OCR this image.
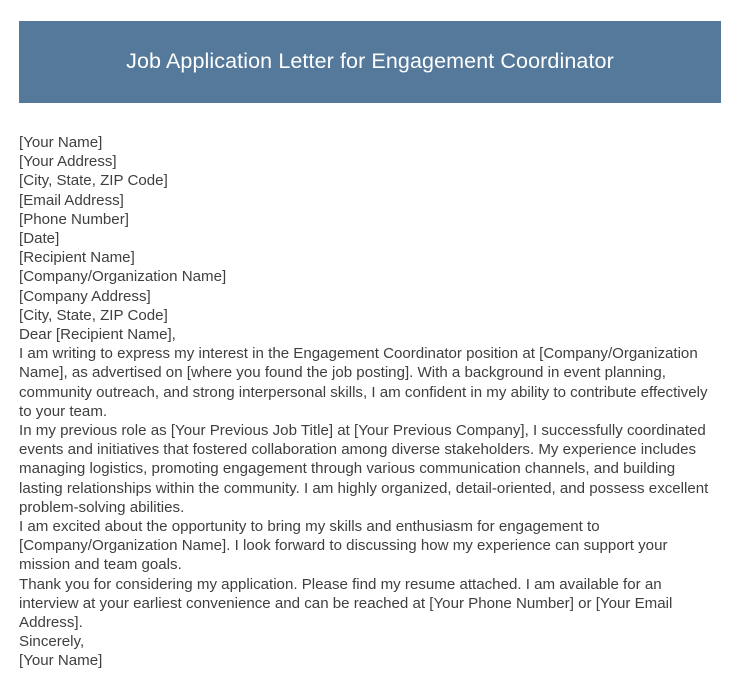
Job Application Letter for Engagement Coordinator
[Your Name]
[Your Address]
[City, State, ZIP Code]
[Email Address]
[Phone Number]
[Date]
[Recipient Name]
[Company/Organization Name]
[Company Address]
[City, State, ZIP Code]
Dear [Recipient Name],
I am writing to express my interest in the Engagement Coordinator position at [Company/Organization Name], as advertised on [where you found the job posting]. With a background in event planning, community outreach, and strong interpersonal skills, I am confident in my ability to contribute effectively to your team.
In my previous role as [Your Previous Job Title] at [Your Previous Company], I successfully coordinated events and initiatives that fostered collaboration among diverse stakeholders. My experience includes managing logistics, promoting engagement through various communication channels, and building lasting relationships within the community. I am highly organized, detail-oriented, and possess excellent problem-solving abilities.
I am excited about the opportunity to bring my skills and enthusiasm for engagement to [Company/Organization Name]. I look forward to discussing how my experience can support your mission and team goals.
Thank you for considering my application. Please find my resume attached. I am available for an interview at your earliest convenience and can be reached at [Your Phone Number] or [Your Email Address].
Sincerely,
[Your Name]
